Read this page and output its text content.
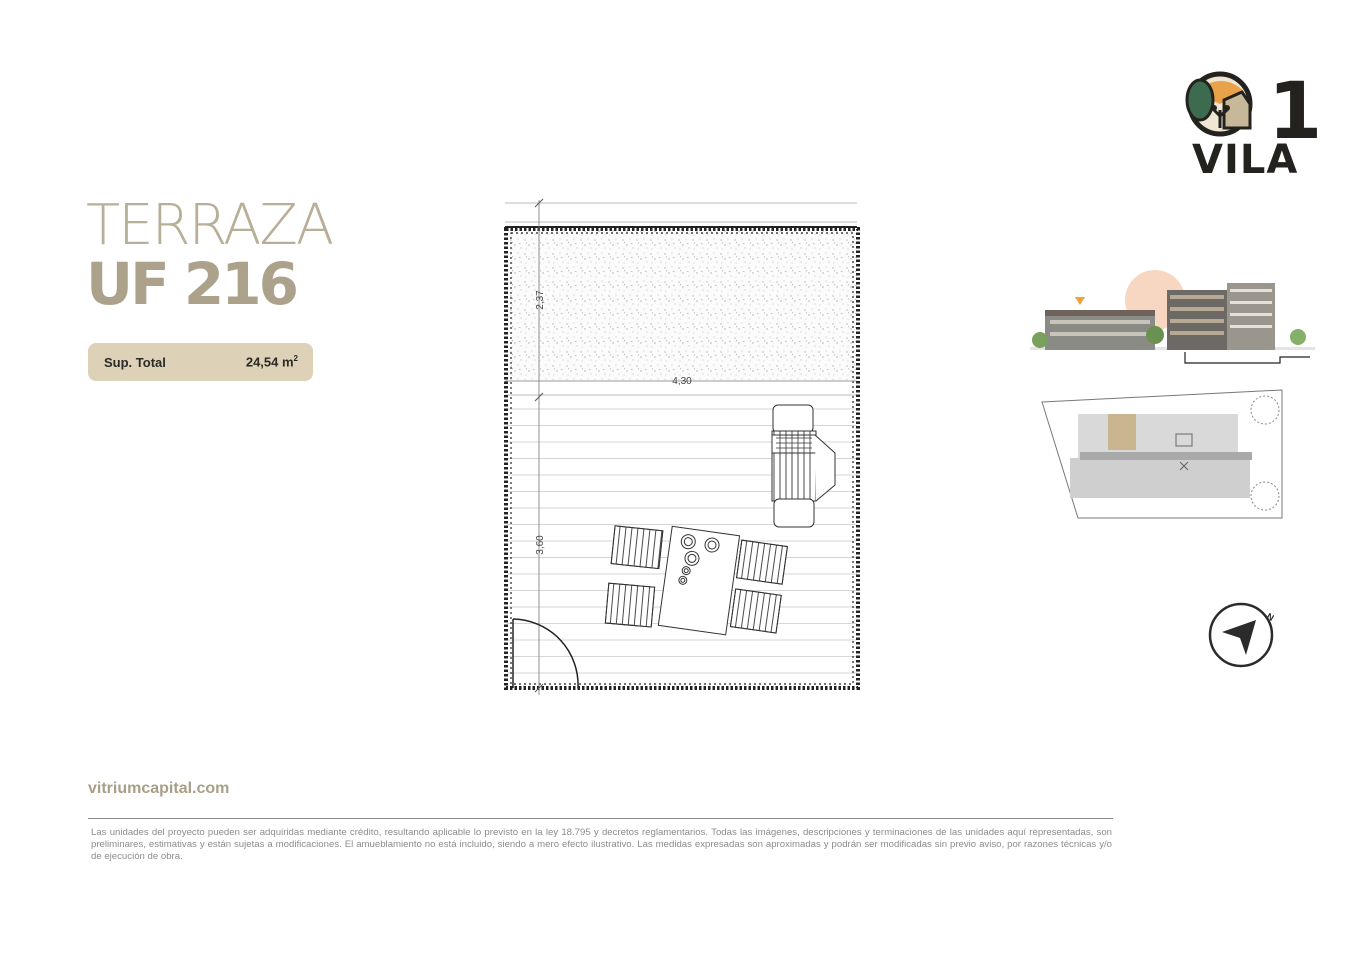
TERRAZA
UF 216
Sup. Total	24,54 $m^2$
1
VILA
2,37
4,30
3,60
N
vitriumcapital.com
Las unidades del proyecto pueden ser adquiridas mediante crédito, resultando aplicable lo previsto en la ley 18.795 y decretos reglamentarios. Todas las imágenes, descripciones y terminaciones de las unidades aquí representadas, son preliminares, estimativas y están sujetas a modificaciones. El amueblamiento no está incluido, siendo a mero efecto ilustrativo. Las medidas expresadas son aproximadas y podrán ser modificadas sin previo aviso, por razones técnicas y/o de ejecución de obra.
